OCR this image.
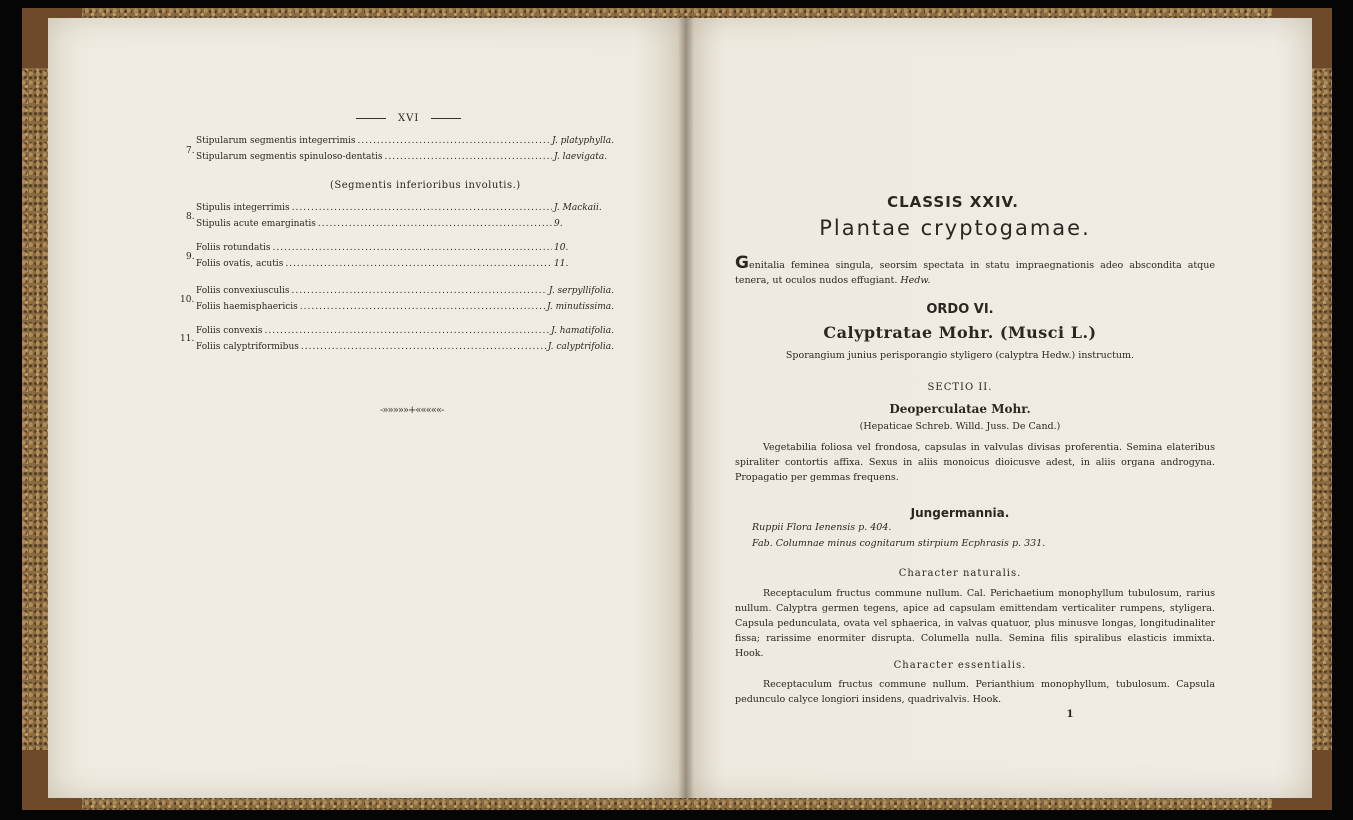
XVI
7.
Stipularum segmentis integerrimis .....	J. platyphylla.
Stipularum segmentis spinuloso-dentatis .....	J. laevigata.
(Segmentis inferioribus involutis.)
8.
Stipulis integerrimis .....	J. Mackaii.
Stipulis acute emarginatis .....	9.
9.
Foliis rotundatis .....	10.
Foliis ovatis, acutis .....	11.
10.
Foliis convexiusculis .....	J. serpyllifolia.
Foliis haemisphaericis .....	J. minutissima.
11.
Foliis convexis .....	J. hamatifolia.
Foliis calyptriformibus .....	J. calyptrifolia.
-»»»»»+«««««-
CLASSIS XXIV.
Plantae cryptogamae.
Genitalia feminea singula, seorsim spectata in statu impraegnationis adeo abscondita atque tenera, ut oculos nudos effugiant. Hedw.
ORDO VI.
Calyptratae Mohr. (Musci L.)
Sporangium junius perisporangio styligero (calyptra Hedw.) instructum.
SECTIO II.
Deoperculatae Mohr.
(Hepaticae Schreb. Willd. Juss. De Cand.)
Vegetabilia foliosa vel frondosa, capsulas in valvulas divisas proferentia. Semina elateribus spiraliter contortis affixa. Sexus in aliis monoicus dioicusve adest, in aliis organa androgyna. Propagatio per gemmas frequens.
Jungermannia.
Ruppii Flora Ienensis p. 404.
Fab. Columnae minus cognitarum stirpium Ecphrasis p. 331.
Character naturalis.
Receptaculum fructus commune nullum. Cal. Perichaetium monophyllum tubulosum, rarius nullum. Calyptra germen tegens, apice ad capsulam emittendam verticaliter rumpens, styligera. Capsula pedunculata, ovata vel sphaerica, in valvas quatuor, plus minusve longas, longitudinaliter fissa; rarissime enormiter disrupta. Columella nulla. Semina filis spiralibus elasticis immixta. Hook.
Character essentialis.
Receptaculum fructus commune nullum. Perianthium monophyllum, tubulosum. Capsula pedunculo calyce longiori insidens, quadrivalvis. Hook.
1
